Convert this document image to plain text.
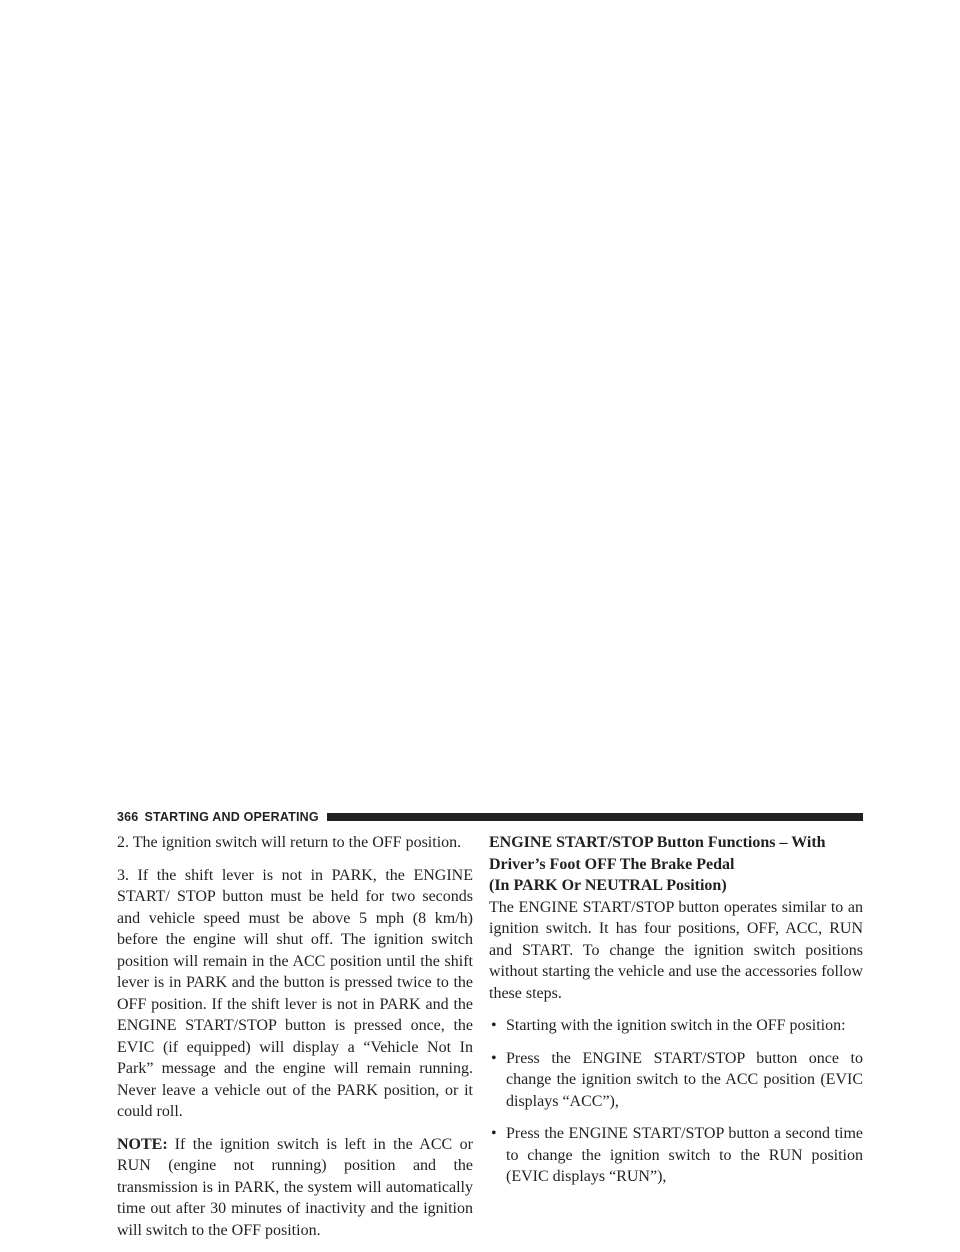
366 STARTING AND OPERATING

2. The ignition switch will return to the OFF position.

3. If the shift lever is not in PARK, the ENGINE START/ STOP button must be held for two seconds and vehicle speed must be above 5 mph (8 km/h) before the engine will shut off. The ignition switch position will remain in the ACC position until the shift lever is in PARK and the button is pressed twice to the OFF position. If the shift lever is not in PARK and the ENGINE START/STOP button is pressed once, the EVIC (if equipped) will display a “Vehicle Not In Park” message and the engine will remain running. Never leave a vehicle out of the PARK position, or it could roll.

NOTE: If the ignition switch is left in the ACC or RUN (engine not running) position and the transmission is in PARK, the system will automatically time out after 30 minutes of inactivity and the ignition will switch to the OFF position.

ENGINE START/STOP Button Functions – With
Driver’s Foot OFF The Brake Pedal
(In PARK Or NEUTRAL Position)

The ENGINE START/STOP button operates similar to an ignition switch. It has four positions, OFF, ACC, RUN and START. To change the ignition switch positions without starting the vehicle and use the accessories follow these steps.

• Starting with the ignition switch in the OFF position:
• Press the ENGINE START/STOP button once to change the ignition switch to the ACC position (EVIC displays “ACC”),
• Press the ENGINE START/STOP button a second time to change the ignition switch to the RUN position (EVIC displays “RUN”),
